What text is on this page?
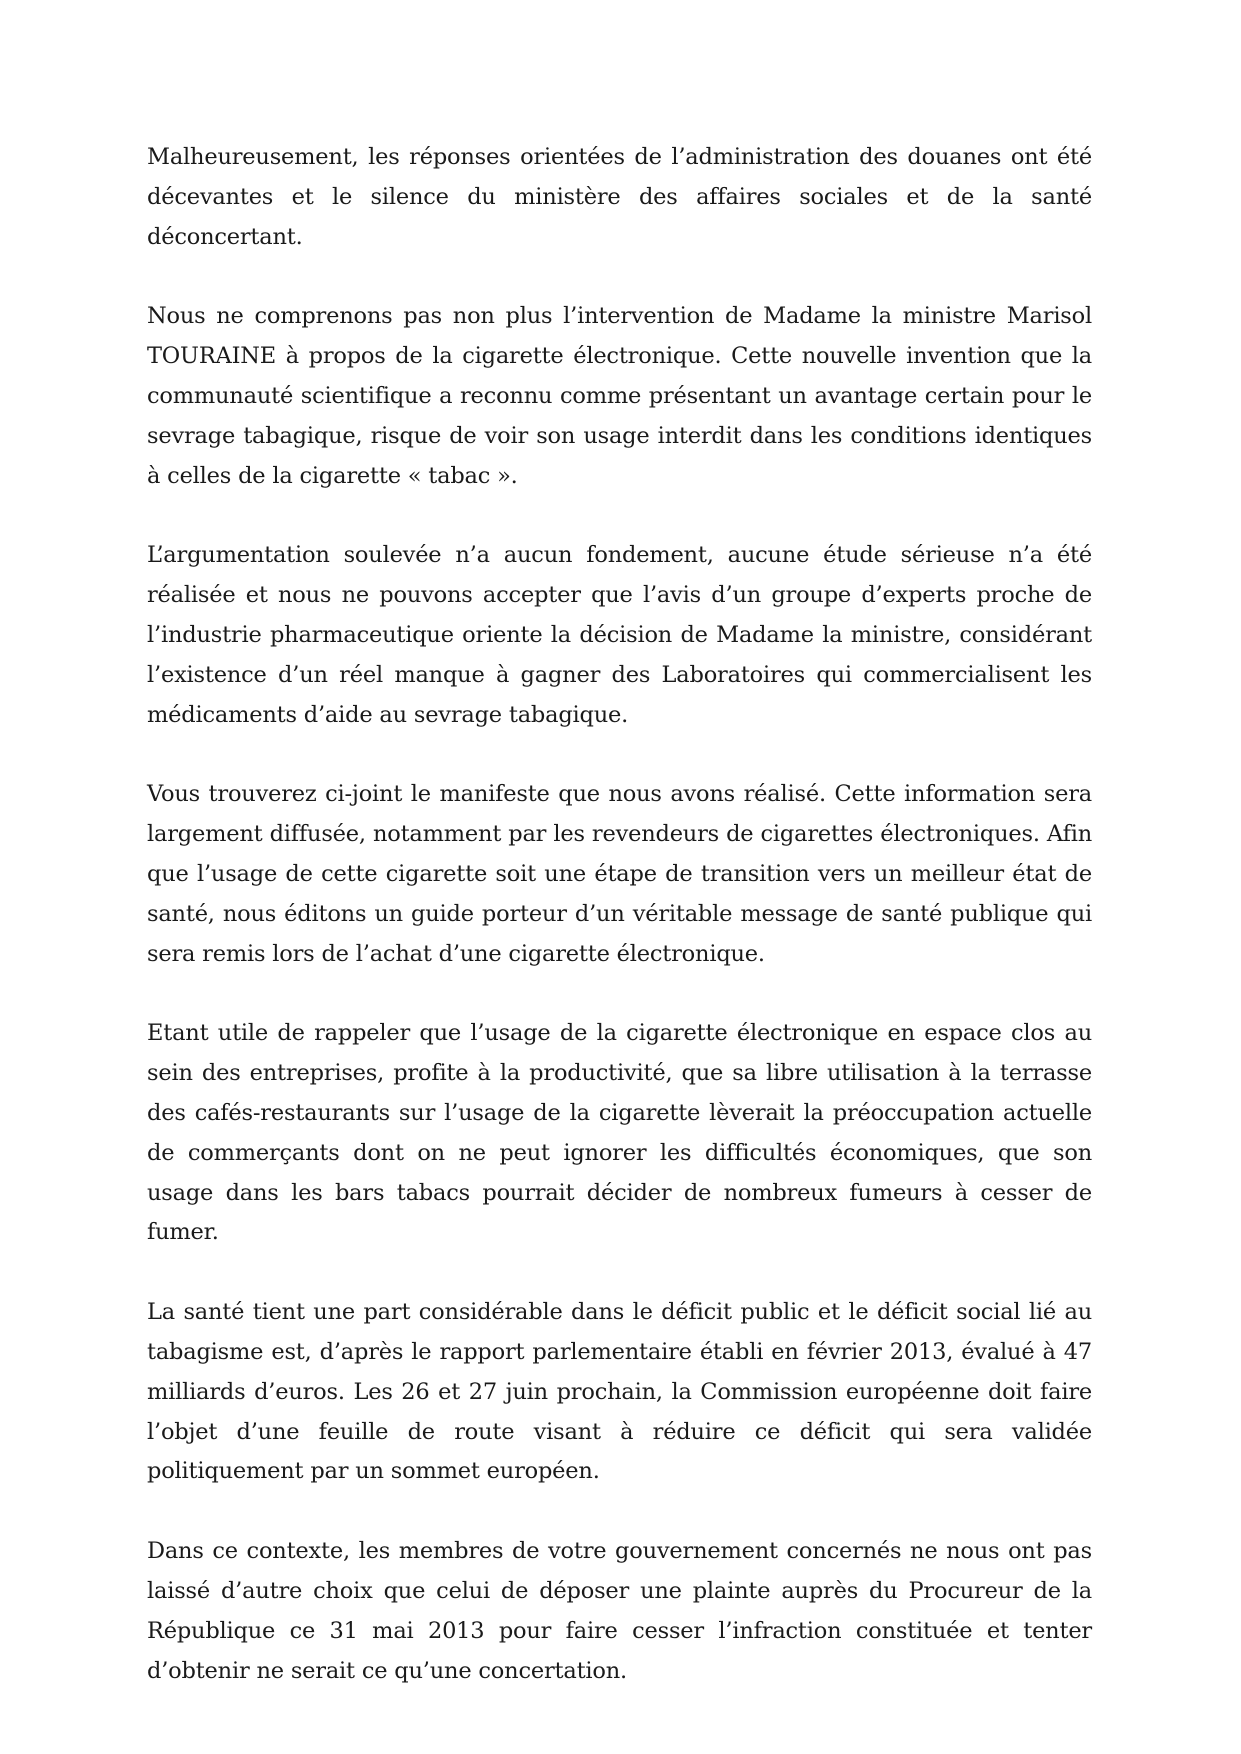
Malheureusement, les réponses orientées de l’administration des douanes ont été décevantes et le silence du ministère des affaires sociales et de la santé déconcertant.

Nous ne comprenons pas non plus l’intervention de Madame la ministre Marisol TOURAINE à propos de la cigarette électronique. Cette nouvelle invention que la communauté scientifique a reconnu comme présentant un avantage certain pour le sevrage tabagique, risque de voir son usage interdit dans les conditions identiques à celles de la cigarette « tabac ».

L’argumentation soulevée n’a aucun fondement, aucune étude sérieuse n’a été réalisée et nous ne pouvons accepter que l’avis d’un groupe d’experts proche de l’industrie pharmaceutique oriente la décision de Madame la ministre, considérant l’existence d’un réel manque à gagner des Laboratoires qui commercialisent les médicaments d’aide au sevrage tabagique.

Vous trouverez ci-joint le manifeste que nous avons réalisé. Cette information sera largement diffusée, notamment par les revendeurs de cigarettes électroniques. Afin que l’usage de cette cigarette soit une étape de transition vers un meilleur état de santé, nous éditons un guide porteur d’un véritable message de santé publique qui sera remis lors de l’achat d’une cigarette électronique.

Etant utile de rappeler que l’usage de la cigarette électronique en espace clos au sein des entreprises, profite à la productivité, que sa libre utilisation à la terrasse des cafés-restaurants sur l’usage de la cigarette lèverait la préoccupation actuelle de commerçants dont on ne peut ignorer les difficultés économiques, que son usage dans les bars tabacs pourrait décider de nombreux fumeurs à cesser de fumer.

La santé tient une part considérable dans le déficit public et le déficit social lié au tabagisme est, d’après le rapport parlementaire établi en février 2013, évalué à 47 milliards d’euros. Les 26 et 27 juin prochain, la Commission européenne doit faire l’objet d’une feuille de route visant à réduire ce déficit qui sera validée politiquement par un sommet européen.

Dans ce contexte, les membres de votre gouvernement concernés ne nous ont pas laissé d’autre choix que celui de déposer une plainte auprès du Procureur de la République ce 31 mai 2013 pour faire cesser l’infraction constituée et tenter d’obtenir ne serait ce qu’une concertation.
